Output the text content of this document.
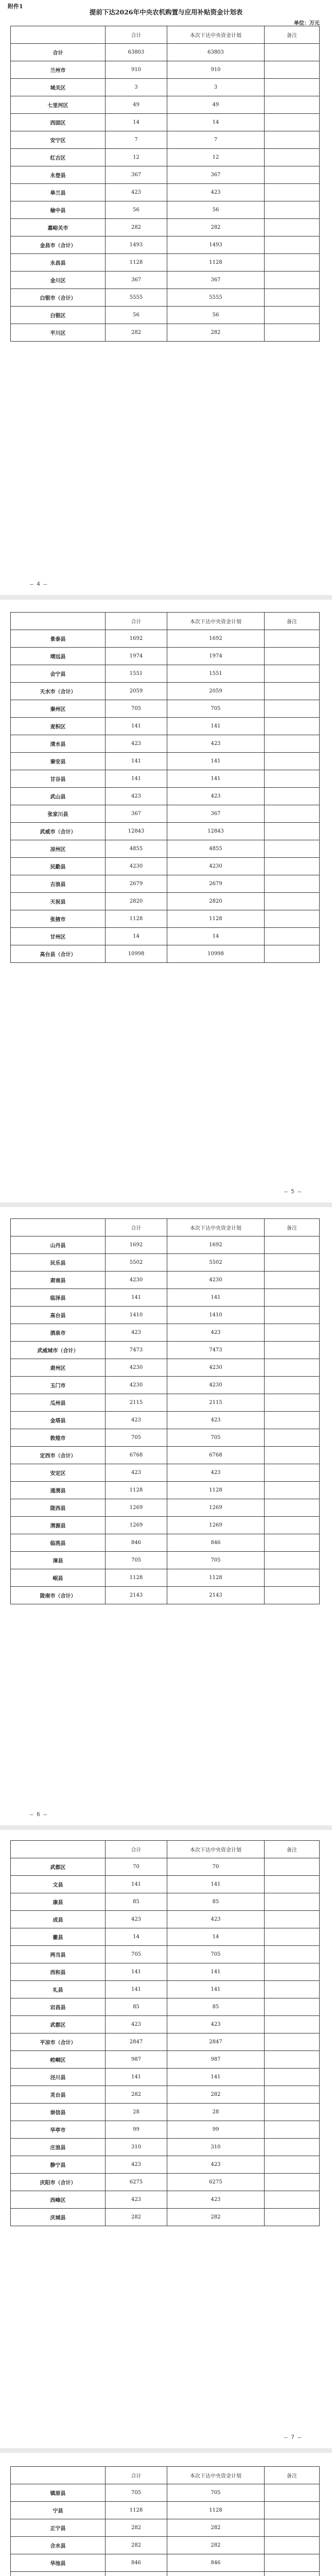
附件1
提前下达2026年中央农机购置与应用补贴资金计划表
单位：万元
	合计	本次下达中央资金计划	备注
合计	63803	63803	
兰州市	910	910	
城关区	3	3	
七里河区	49	49	
西固区	14	14	
安宁区	7	7	
红古区	12	12	
永登县	367	367	
皋兰县	423	423	
榆中县	56	56	
嘉峪关市	282	282	
金昌市（合计）	1493	1493	
永昌县	1128	1128	
金川区	367	367	
白银市（合计）	5555	5555	
白银区	56	56	
平川区	282	282	
— 4 —
	合计	本次下达中央资金计划	备注
景泰县	1692	1692	
靖远县	1974	1974	
会宁县	1551	1551	
天水市（合计）	2059	2059	
秦州区	705	705	
麦积区	141	141	
清水县	423	423	
秦安县	141	141	
甘谷县	141	141	
武山县	423	423	
张家川县	367	367	
武威市（合计）	12843	12843	
凉州区	4855	4855	
民勤县	4230	4230	
古浪县	2679	2679	
天祝县	2820	2820	
张掖市	1128	1128	
甘州区	14	14	
高台县（合计）	10998	10998	
— 5 —
	合计	本次下达中央资金计划	备注
山丹县	1692	1692	
民乐县	5502	5502	
肃南县	4230	4230	
临泽县	141	141	
高台县	1410	1410	
酒泉市	423	423	
武威城市（合计）	7473	7473	
肃州区	4230	4230	
玉门市	4230	4230	
瓜州县	2115	2115	
金塔县	423	423	
敦煌市	705	705	
定西市（合计）	6768	6768	
安定区	423	423	
通渭县	1128	1128	
陇西县	1269	1269	
渭源县	1269	1269	
临洮县	846	846	
漳县	705	705	
岷县	1128	1128	
陇南市（合计）	2143	2143	
— 6 —
	合计	本次下达中央资金计划	备注
武都区	70	70	
文县	141	141	
康县	85	85	
成县	423	423	
徽县	14	14	
两当县	705	705	
西和县	141	141	
礼县	141	141	
宕昌县	85	85	
武都区	423	423	
平凉市（合计）	2847	2847	
崆峒区	987	987	
泾川县	141	141	
灵台县	282	282	
崇信县	28	28	
华亭市	99	99	
庄浪县	310	310	
静宁县	423	423	
庆阳市（合计）	6275	6275	
西峰区	423	423	
庆城县	282	282	
— 7 —
	合计	本次下达中央资金计划	备注
镇原县	705	705	
宁县	1128	1128	
正宁县	282	282	
合水县	282	282	
华池县	846	846	
